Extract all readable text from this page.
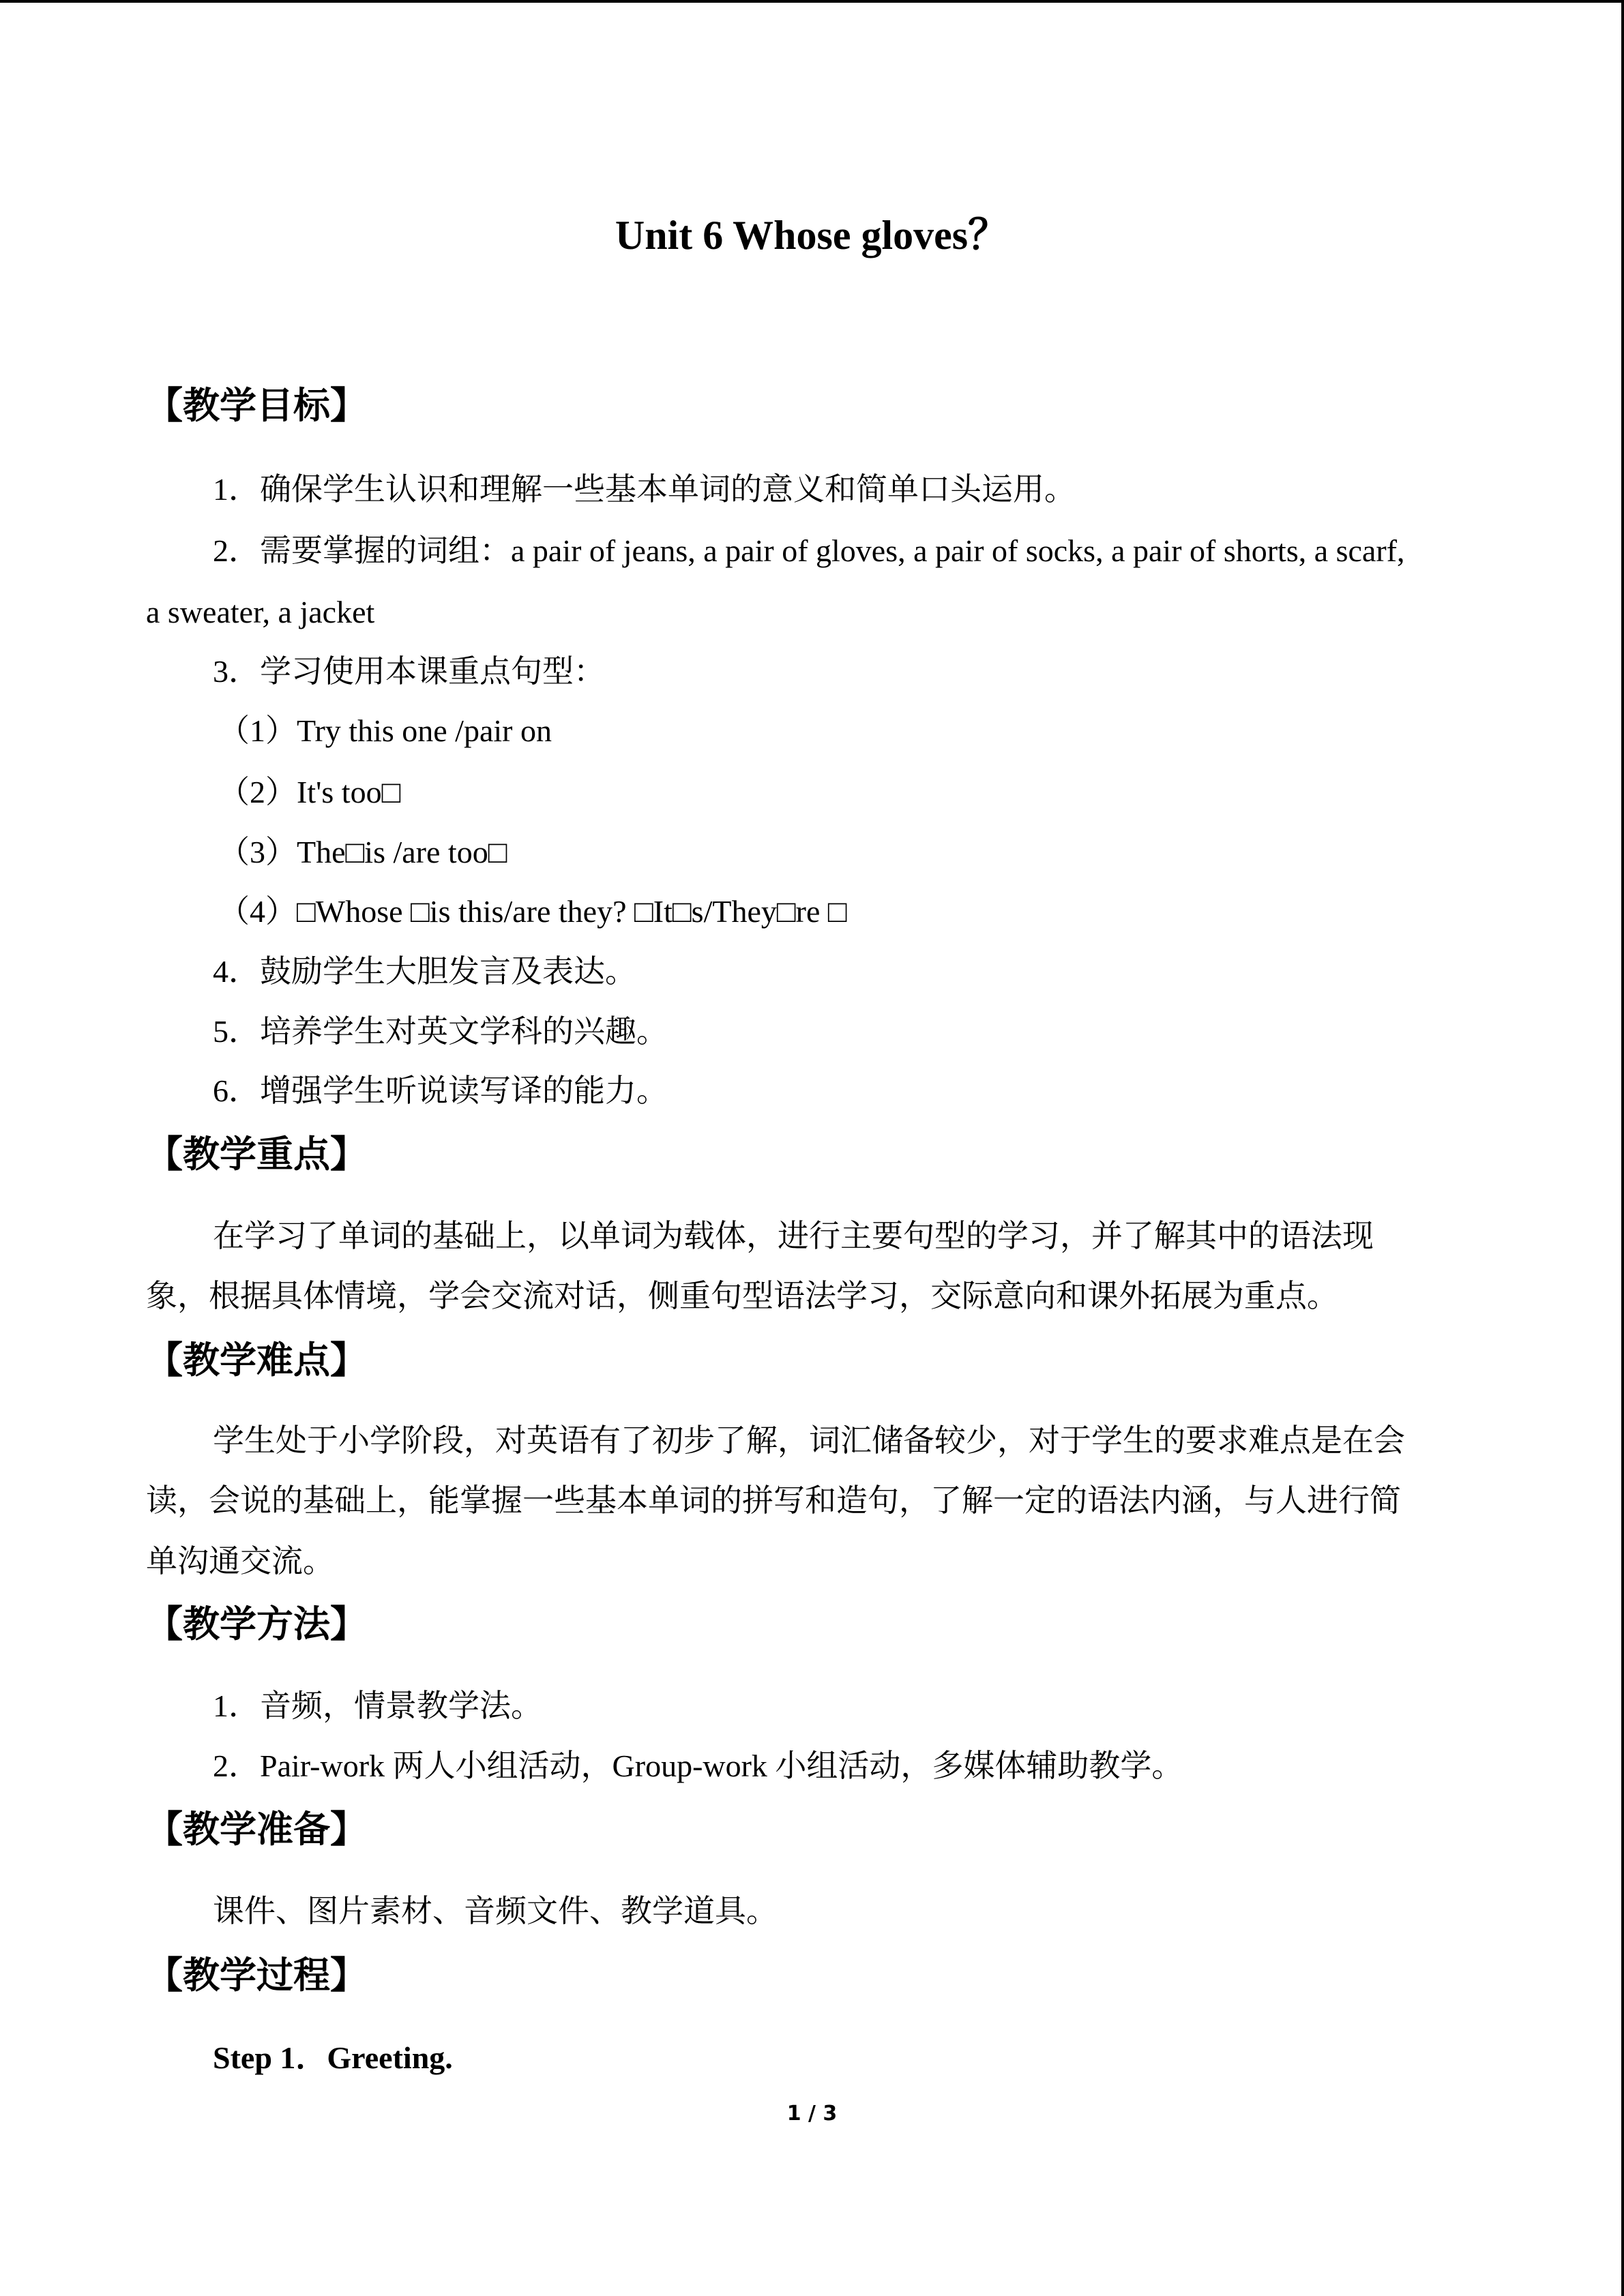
Unit 6 Whose gloves？
【教学目标】
1．确保学生认识和理解一些基本单词的意义和简单口头运用。
2．需要掌握的词组：a pair of jeans, a pair of gloves, a pair of socks, a pair of shorts, a scarf,
a sweater, a jacket
3．学习使用本课重点句型：
（1）Try this one /pair on
（2）It's too□
（3）The□is /are too□
（4）□Whose □is this/are they? □It□s/They□re □
4．鼓励学生大胆发言及表达。
5．培养学生对英文学科的兴趣。
6．增强学生听说读写译的能力。
【教学重点】
在学习了单词的基础上，以单词为载体，进行主要句型的学习，并了解其中的语法现
象，根据具体情境，学会交流对话，侧重句型语法学习，交际意向和课外拓展为重点。
【教学难点】
学生处于小学阶段，对英语有了初步了解，词汇储备较少，对于学生的要求难点是在会
读，会说的基础上，能掌握一些基本单词的拼写和造句，了解一定的语法内涵，与人进行简
单沟通交流。
【教学方法】
1．音频，情景教学法。
2．Pair-work 两人小组活动，Group-work 小组活动，多媒体辅助教学。
【教学准备】
课件、图片素材、音频文件、教学道具。
【教学过程】
Step 1．Greeting.
1 / 3
